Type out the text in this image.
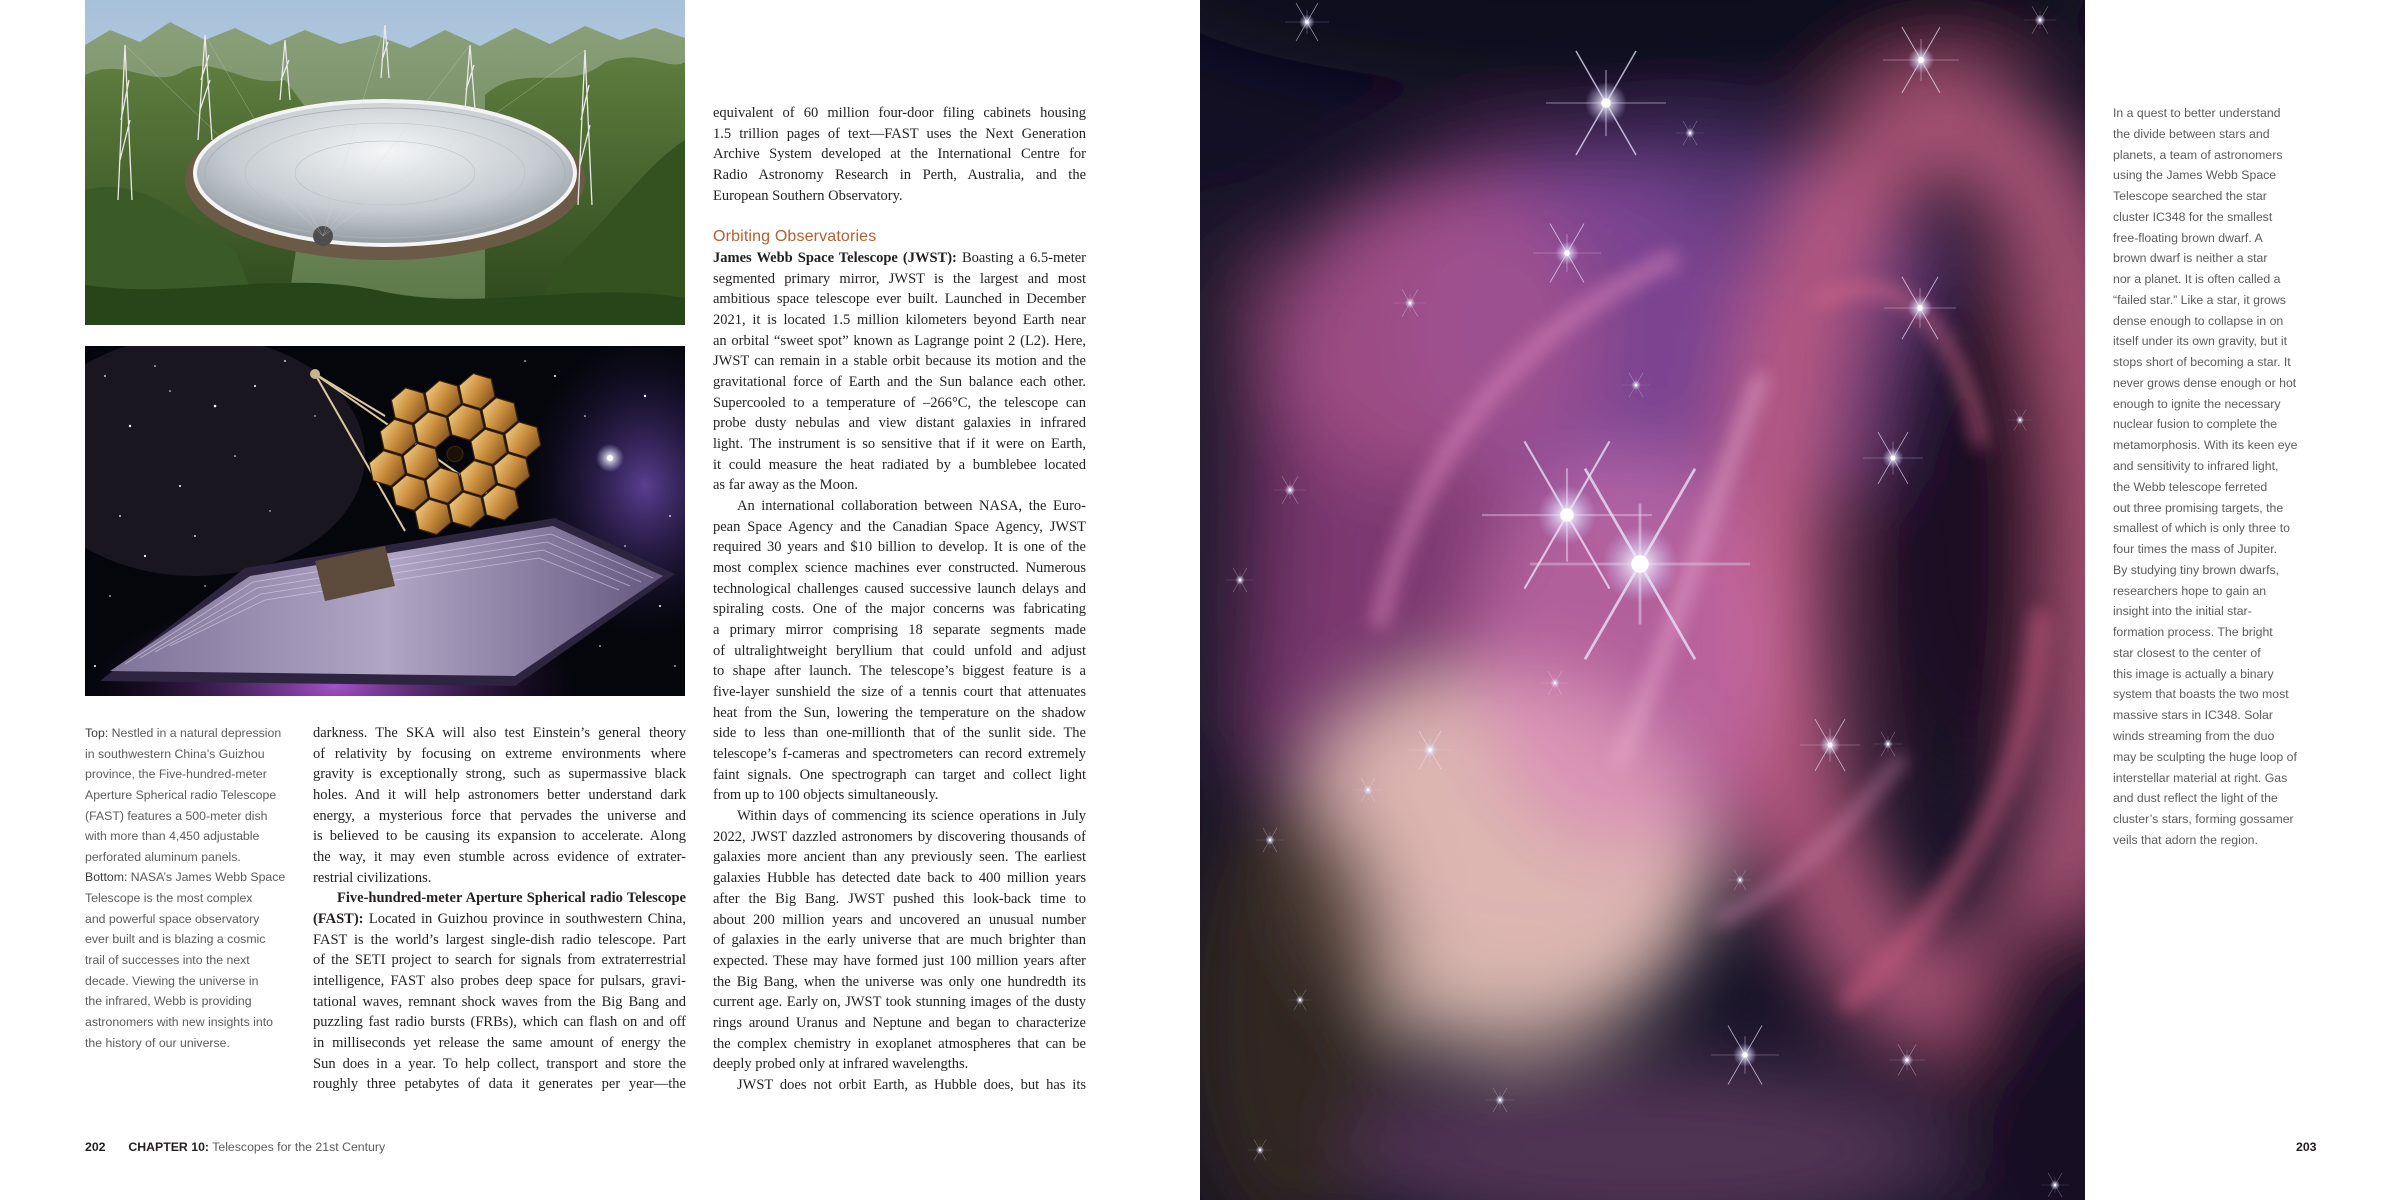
Top: Nestled in a natural depression
in southwestern China’s Guizhou
province, the Five-hundred-meter
Aperture Spherical radio Telescope
(FAST) features a 500-meter dish
with more than 4,450 adjustable
perforated aluminum panels.
Bottom: NASA’s James Webb Space
Telescope is the most complex
and powerful space observatory
ever built and is blazing a cosmic
trail of successes into the next
decade. Viewing the universe in
the infrared, Webb is providing
astronomers with new insights into
the history of our universe.
darkness. The SKA will also test Einstein’s general theory
of relativity by focusing on extreme environments where
gravity is exceptionally strong, such as supermassive black
holes. And it will help astronomers better understand dark
energy, a mysterious force that pervades the universe and
is believed to be causing its expansion to accelerate. Along
the way, it may even stumble across evidence of extrater-
restrial civilizations.
Five-hundred-meter Aperture Spherical radio Telescope
(FAST): Located in Guizhou province in southwestern China,
FAST is the world’s largest single-dish radio telescope. Part
of the SETI project to search for signals from extraterrestrial
intelligence, FAST also probes deep space for pulsars, gravi-
tational waves, remnant shock waves from the Big Bang and
puzzling fast radio bursts (FRBs), which can flash on and off
in milliseconds yet release the same amount of energy the
Sun does in a year. To help collect, transport and store the
roughly three petabytes of data it generates per year—the
equivalent of 60 million four-door filing cabinets housing
1.5 trillion pages of text—FAST uses the Next Generation
Archive System developed at the International Centre for
Radio Astronomy Research in Perth, Australia, and the
European Southern Observatory.
Orbiting Observatories
James Webb Space Telescope (JWST): Boasting a 6.5-meter
segmented primary mirror, JWST is the largest and most
ambitious space telescope ever built. Launched in December
2021, it is located 1.5 million kilometers beyond Earth near
an orbital “sweet spot” known as Lagrange point 2 (L2). Here,
JWST can remain in a stable orbit because its motion and the
gravitational force of Earth and the Sun balance each other.
Supercooled to a temperature of –266°C, the telescope can
probe dusty nebulas and view distant galaxies in infrared
light. The instrument is so sensitive that if it were on Earth,
it could measure the heat radiated by a bumblebee located
as far away as the Moon.
An international collaboration between NASA, the Euro-
pean Space Agency and the Canadian Space Agency, JWST
required 30 years and $10 billion to develop. It is one of the
most complex science machines ever constructed. Numerous
technological challenges caused successive launch delays and
spiraling costs. One of the major concerns was fabricating
a primary mirror comprising 18 separate segments made
of ultralightweight beryllium that could unfold and adjust
to shape after launch. The telescope’s biggest feature is a
five-layer sunshield the size of a tennis court that attenuates
heat from the Sun, lowering the temperature on the shadow
side to less than one-millionth that of the sunlit side. The
telescope’s f-cameras and spectrometers can record extremely
faint signals. One spectrograph can target and collect light
from up to 100 objects simultaneously.
Within days of commencing its science operations in July
2022, JWST dazzled astronomers by discovering thousands of
galaxies more ancient than any previously seen. The earliest
galaxies Hubble has detected date back to 400 million years
after the Big Bang. JWST pushed this look-back time to
about 200 million years and uncovered an unusual number
of galaxies in the early universe that are much brighter than
expected. These may have formed just 100 million years after
the Big Bang, when the universe was only one hundredth its
current age. Early on, JWST took stunning images of the dusty
rings around Uranus and Neptune and began to characterize
the complex chemistry in exoplanet atmospheres that can be
deeply probed only at infrared wavelengths.
JWST does not orbit Earth, as Hubble does, but has its
202 CHAPTER 10: Telescopes for the 21st Century
In a quest to better understand
the divide between stars and
planets, a team of astronomers
using the James Webb Space
Telescope searched the star
cluster IC348 for the smallest
free-floating brown dwarf. A
brown dwarf is neither a star
nor a planet. It is often called a
“failed star.” Like a star, it grows
dense enough to collapse in on
itself under its own gravity, but it
stops short of becoming a star. It
never grows dense enough or hot
enough to ignite the necessary
nuclear fusion to complete the
metamorphosis. With its keen eye
and sensitivity to infrared light,
the Webb telescope ferreted
out three promising targets, the
smallest of which is only three to
four times the mass of Jupiter.
By studying tiny brown dwarfs,
researchers hope to gain an
insight into the initial star-
formation process. The bright
star closest to the center of
this image is actually a binary
system that boasts the two most
massive stars in IC348. Solar
winds streaming from the duo
may be sculpting the huge loop of
interstellar material at right. Gas
and dust reflect the light of the
cluster’s stars, forming gossamer
veils that adorn the region.
203
